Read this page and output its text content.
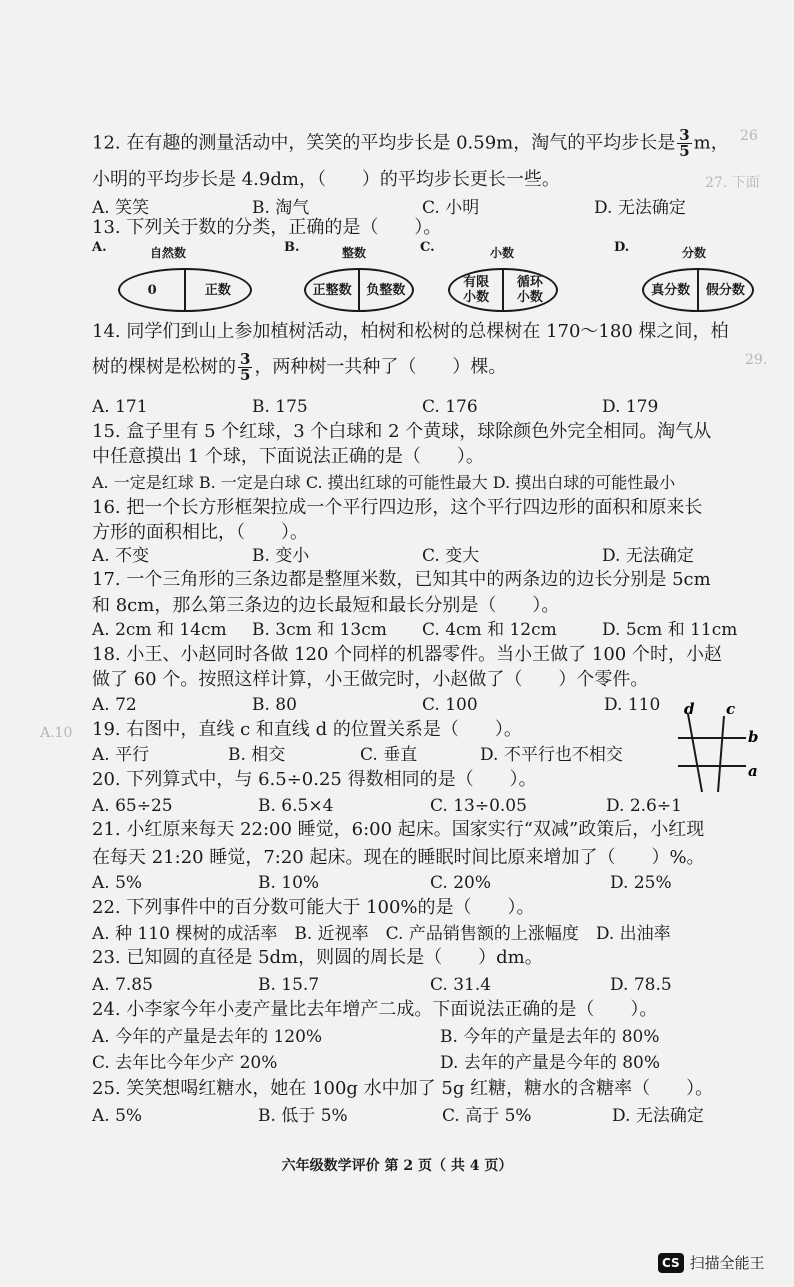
26
27. 下面
29.
A.10
12. 在有趣的测量活动中，笑笑的平均步长是 0.59m，淘气的平均步长是 $\frac{3}{5}$ m，
小明的平均步长是 4.9dm，（　　）的平均步长更长一些。
A. 笑笑	B. 淘气	C. 小明	D. 无法确定
13. 下列关于数的分类，正确的是（　　）。
A.	自然数
0	正数
B.	整数
正整数	负整数
C.	小数
有限
小数
循环
小数
D.	分数
真分数	假分数
14. 同学们到山上参加植树活动，柏树和松树的总棵树在 170～180 棵之间，柏
树的棵树是松树的 $\frac{3}{5}$ ，两种树一共种了（　　）棵。
A. 171	B. 175	C. 176	D. 179
15. 盒子里有 5 个红球，3 个白球和 2 个黄球，球除颜色外完全相同。淘气从
中任意摸出 1 个球，下面说法正确的是（　　）。
A. 一定是红球 B. 一定是白球 C. 摸出红球的可能性最大 D. 摸出白球的可能性最小
16. 把一个长方形框架拉成一个平行四边形，这个平行四边形的面积和原来长
方形的面积相比，（　　）。
A. 不变	B. 变小	C. 变大	D. 无法确定
17. 一个三角形的三条边都是整厘米数，已知其中的两条边的边长分别是 5cm
和 8cm，那么第三条边的边长最短和最长分别是（　　）。
A. 2cm 和 14cm B. 3cm 和 13cm C. 4cm 和 12cm	D. 5cm 和 11cm
18. 小王、小赵同时各做 120 个同样的机器零件。当小王做了 100 个时，小赵
做了 60 个。按照这样计算，小王做完时，小赵做了（　　）个零件。
A. 72	B. 80	C. 100	D. 110
19. 右图中，直线 c 和直线 d 的位置关系是（　　）。
A. 平行	B. 相交	C. 垂直	D. 不平行也不相交
d c
b
a
20. 下列算式中，与 6.5÷0.25 得数相同的是（　　）。
A. 65÷25	B. 6.5×4	C. 13÷0.05	D. 2.6÷1
21. 小红原来每天 22:00 睡觉，6:00 起床。国家实行“双减”政策后，小红现
在每天 21:20 睡觉，7:20 起床。现在的睡眠时间比原来增加了（　　）%。
A. 5%	B. 10%	C. 20%	D. 25%
22. 下列事件中的百分数可能大于 100%的是（　　）。
A. 种 110 棵树的成活率　B. 近视率　C. 产品销售额的上涨幅度　D. 出油率
23. 已知圆的直径是 5dm，则圆的周长是（　　）dm。
A. 7.85	B. 15.7	C. 31.4	D. 78.5
24. 小李家今年小麦产量比去年增产二成。下面说法正确的是（　　）。
A. 今年的产量是去年的 120%	B. 今年的产量是去年的 80%
C. 去年比今年少产 20%	D. 去年的产量是今年的 80%
25. 笑笑想喝红糖水，她在 100g 水中加了 5g 红糖，糖水的含糖率（　　）。
A. 5%	B. 低于 5%	C. 高于 5%	D. 无法确定
六年级数学评价 第 2 页（ 共 4 页）
CS 扫描全能王
